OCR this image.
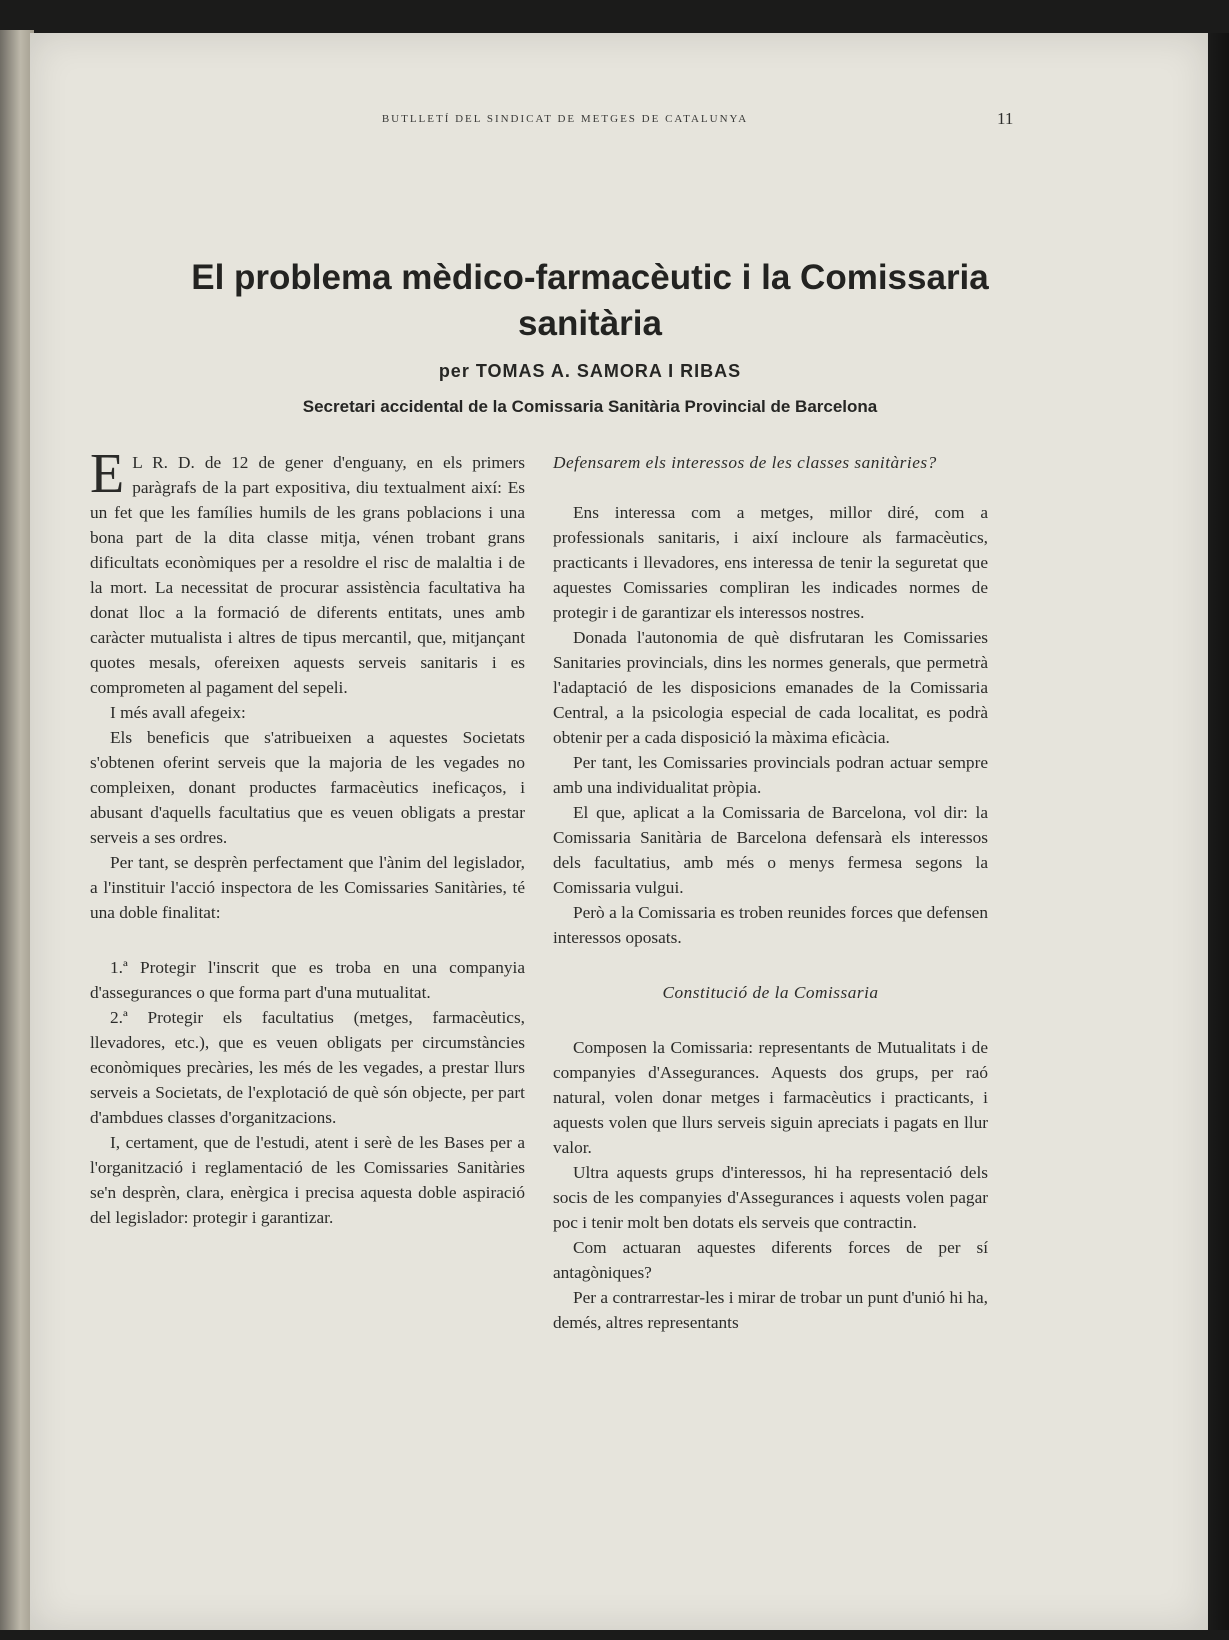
BUTLLETÍ DEL SINDICAT DE METGES DE CATALUNYA	11
El problema mèdico-farmacèutic i la Comissaria
sanitària
per TOMAS A. SAMORA I RIBAS
Secretari accidental de la Comissaria Sanitària Provincial de Barcelona

E L R. D. de 12 de gener d'enguany, en els primers paràgrafs de la part expositiva, diu textualment així: Es un fet que les famílies humils de les grans poblacions i una bona part de la dita classe mitja, vénen trobant grans dificultats econòmiques per a resoldre el risc de malaltia i de la mort. La necessitat de procurar assistència facultativa ha donat lloc a la formació de diferents entitats, unes amb caràcter mutualista i altres de tipus mercantil, que, mitjançant quotes mesals, ofereixen aquests serveis sanitaris i es comprometen al pagament del sepeli.

I més avall afegeix:

Els beneficis que s'atribueixen a aquestes Societats s'obtenen oferint serveis que la majoria de les vegades no compleixen, donant productes farmacèutics ineficaços, i abusant d'aquells facultatius que es veuen obligats a prestar serveis a ses ordres.

Per tant, se desprèn perfectament que l'ànim del legislador, a l'instituir l'acció inspectora de les Comissaries Sanitàries, té una doble finalitat:

1.ª Protegir l'inscrit que es troba en una companyia d'assegurances o que forma part d'una mutualitat.

2.ª Protegir els facultatius (metges, farmacèutics, llevadores, etc.), que es veuen obligats per circumstàncies econòmiques precàries, les més de les vegades, a prestar llurs serveis a Societats, de l'explotació de què són objecte, per part d'ambdues classes d'organitzacions.

I, certament, que de l'estudi, atent i serè de les Bases per a l'organització i reglamentació de les Comissaries Sanitàries se'n desprèn, clara, enèrgica i precisa aquesta doble aspiració del legislador: protegir i garantizar.

Defensarem els interessos de les classes sanitàries?

Ens interessa com a metges, millor diré, com a professionals sanitaris, i així incloure als farmacèutics, practicants i llevadores, ens interessa de tenir la seguretat que aquestes Comissaries compliran les indicades normes de protegir i de garantizar els interessos nostres.

Donada l'autonomia de què disfrutaran les Comissaries Sanitaries provincials, dins les normes generals, que permetrà l'adaptació de les disposicions emanades de la Comissaria Central, a la psicologia especial de cada localitat, es podrà obtenir per a cada disposició la màxima eficàcia.

Per tant, les Comissaries provincials podran actuar sempre amb una individualitat pròpia.

El que, aplicat a la Comissaria de Barcelona, vol dir: la Comissaria Sanitària de Barcelona defensarà els interessos dels facultatius, amb més o menys fermesa segons la Comissaria vulgui.

Però a la Comissaria es troben reunides forces que defensen interessos oposats.

Constitució de la Comissaria

Composen la Comissaria: representants de Mutualitats i de companyies d'Assegurances. Aquests dos grups, per raó natural, volen donar metges i farmacèutics i practicants, i aquests volen que llurs serveis siguin apreciats i pagats en llur valor.

Ultra aquests grups d'interessos, hi ha representació dels socis de les companyies d'Assegurances i aquests volen pagar poc i tenir molt ben dotats els serveis que contractin.

Com actuaran aquestes diferents forces de per sí antagòniques?

Per a contrarrestar-les i mirar de trobar un punt d'unió hi ha, demés, altres representants
